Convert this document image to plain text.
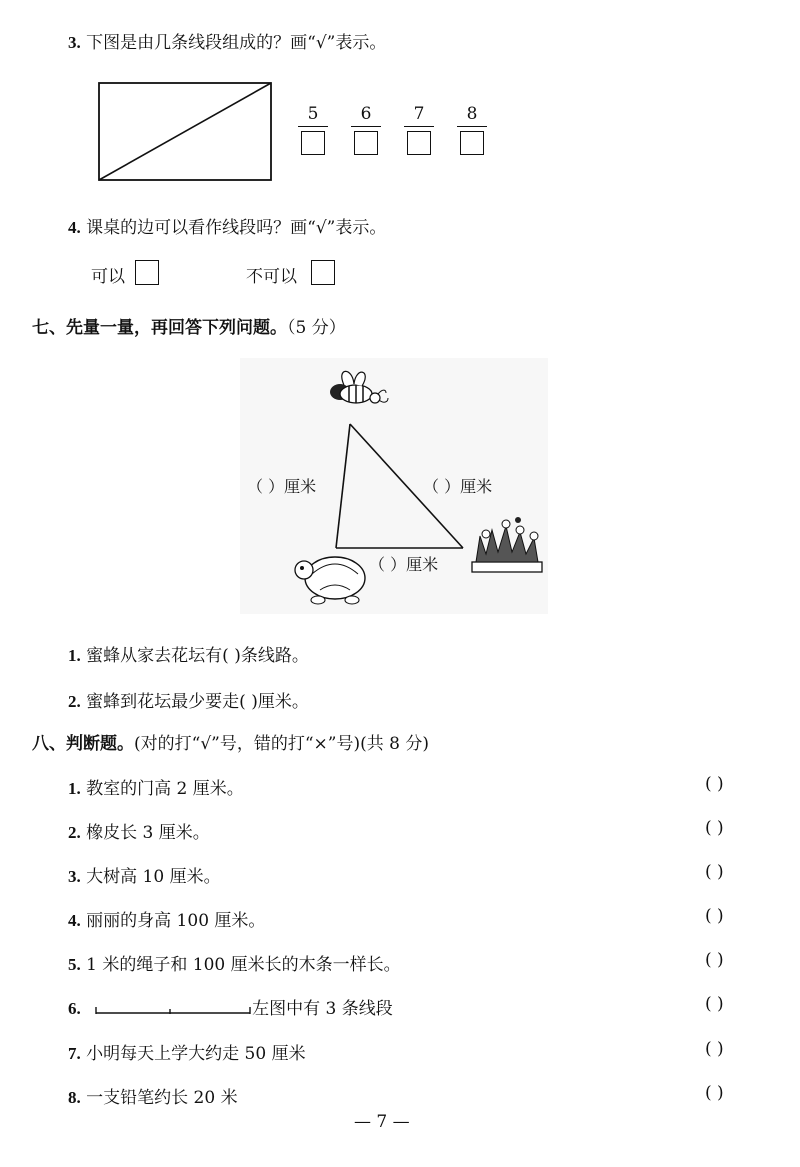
3. 下图是由几条线段组成的？画“√”表示。
5	6	7	8
4. 课桌的边可以看作线段吗？画“√”表示。
可以	不可以
七、先量一量，再回答下列问题。（5 分）
（ ）厘米	（ ）厘米
（ ）厘米
1. 蜜蜂从家去花坛有( )条线路。
2. 蜜蜂到花坛最少要走( )厘米。
八、判断题。(对的打“√”号，错的打“×”号)(共 8 分)
1. 教室的门高 2 厘米。	( )
2. 橡皮长 3 厘米。	( )
3. 大树高 10 厘米。	( )
4. 丽丽的身高 100 厘米。	( )
5. 1 米的绳子和 100 厘米长的木条一样长。	( )
6.	左图中有 3 条线段	( )
7. 小明每天上学大约走 50 厘米	( )
8. 一支铅笔约长 20 米	( )
— 7 —
